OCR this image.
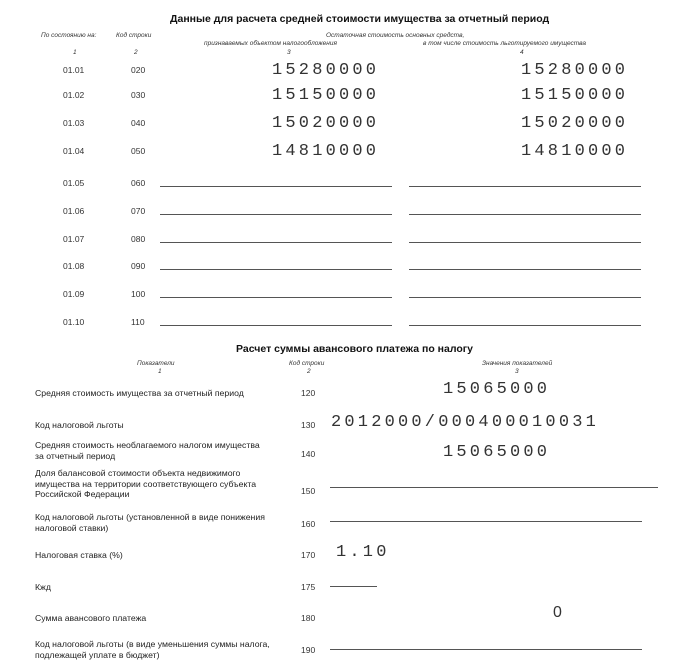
Данные для расчета средней стоимости имущества за отчетный период
По состоянию на:	Код строки	Остаточная стоимость основных средств,
признаваемых объектом налогообложения	в том числе стоимость льготируемого имущества
1	2	3	4
01.01	020	15280000	15280000
01.02	030	15150000	15150000
01.03	040	15020000	15020000
01.04	050	14810000	14810000
01.05	060
01.06	070
01.07	080
01.08	090
01.09	100
01.10	110
Расчет суммы авансового платежа по налогу
Показатели	Код строки	Значения показателей
1	2	3
Средняя стоимость имущества за отчетный период	120	15065000
Код налоговой льготы	130 2012000/000400010031
Средняя стоимость необлагаемого налогом имущества за отчетный период	140	15065000
Доля балансовой стоимости объекта недвижимого имущества на территории соответствующего субъекта Российской Федерации	150
Код налоговой льготы (установленной в виде понижения налоговой ставки)	160
Налоговая ставка (%)	170 1.10
Кжд	175
Сумма авансового платежа	180	0
Код налоговой льготы (в виде уменьшения суммы налога, подлежащей уплате в бюджет)	190
